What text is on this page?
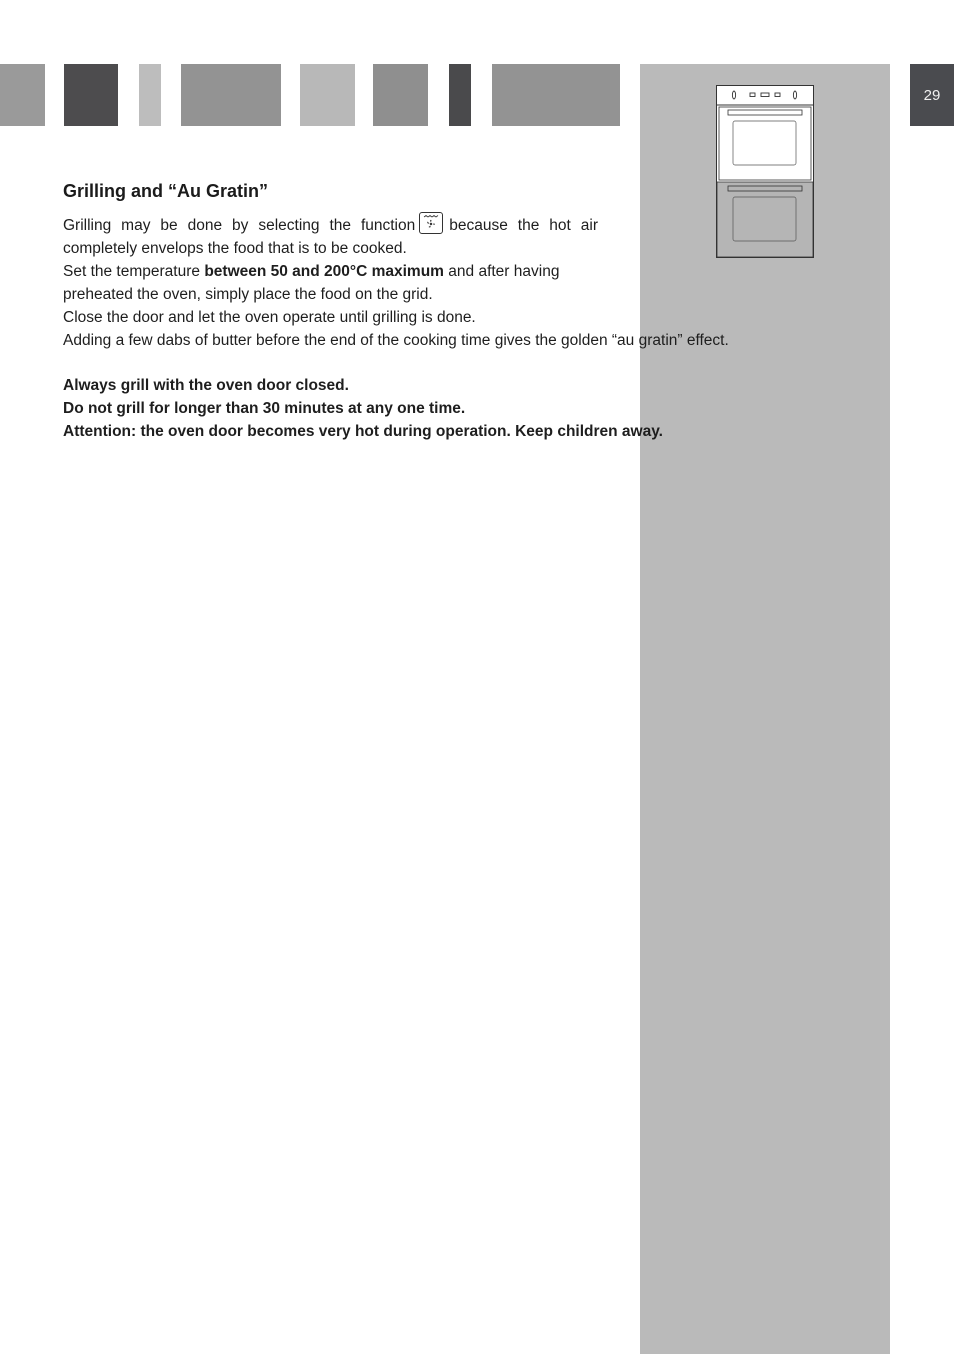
29
Grilling and “Au Gratin”

Grilling may be done by selecting the function because the hot air

completely envelops the food that is to be cooked.

Set the temperature between 50 and 200°C maximum and after having

preheated the oven, simply place the food on the grid.

Close the door and let the oven operate until grilling is done.

Adding a few dabs of butter before the end of the cooking time gives the golden “au gratin” effect.

Always grill with the oven door closed.

Do not grill for longer than 30 minutes at any one time.

Attention: the oven door becomes very hot during operation. Keep children away.
